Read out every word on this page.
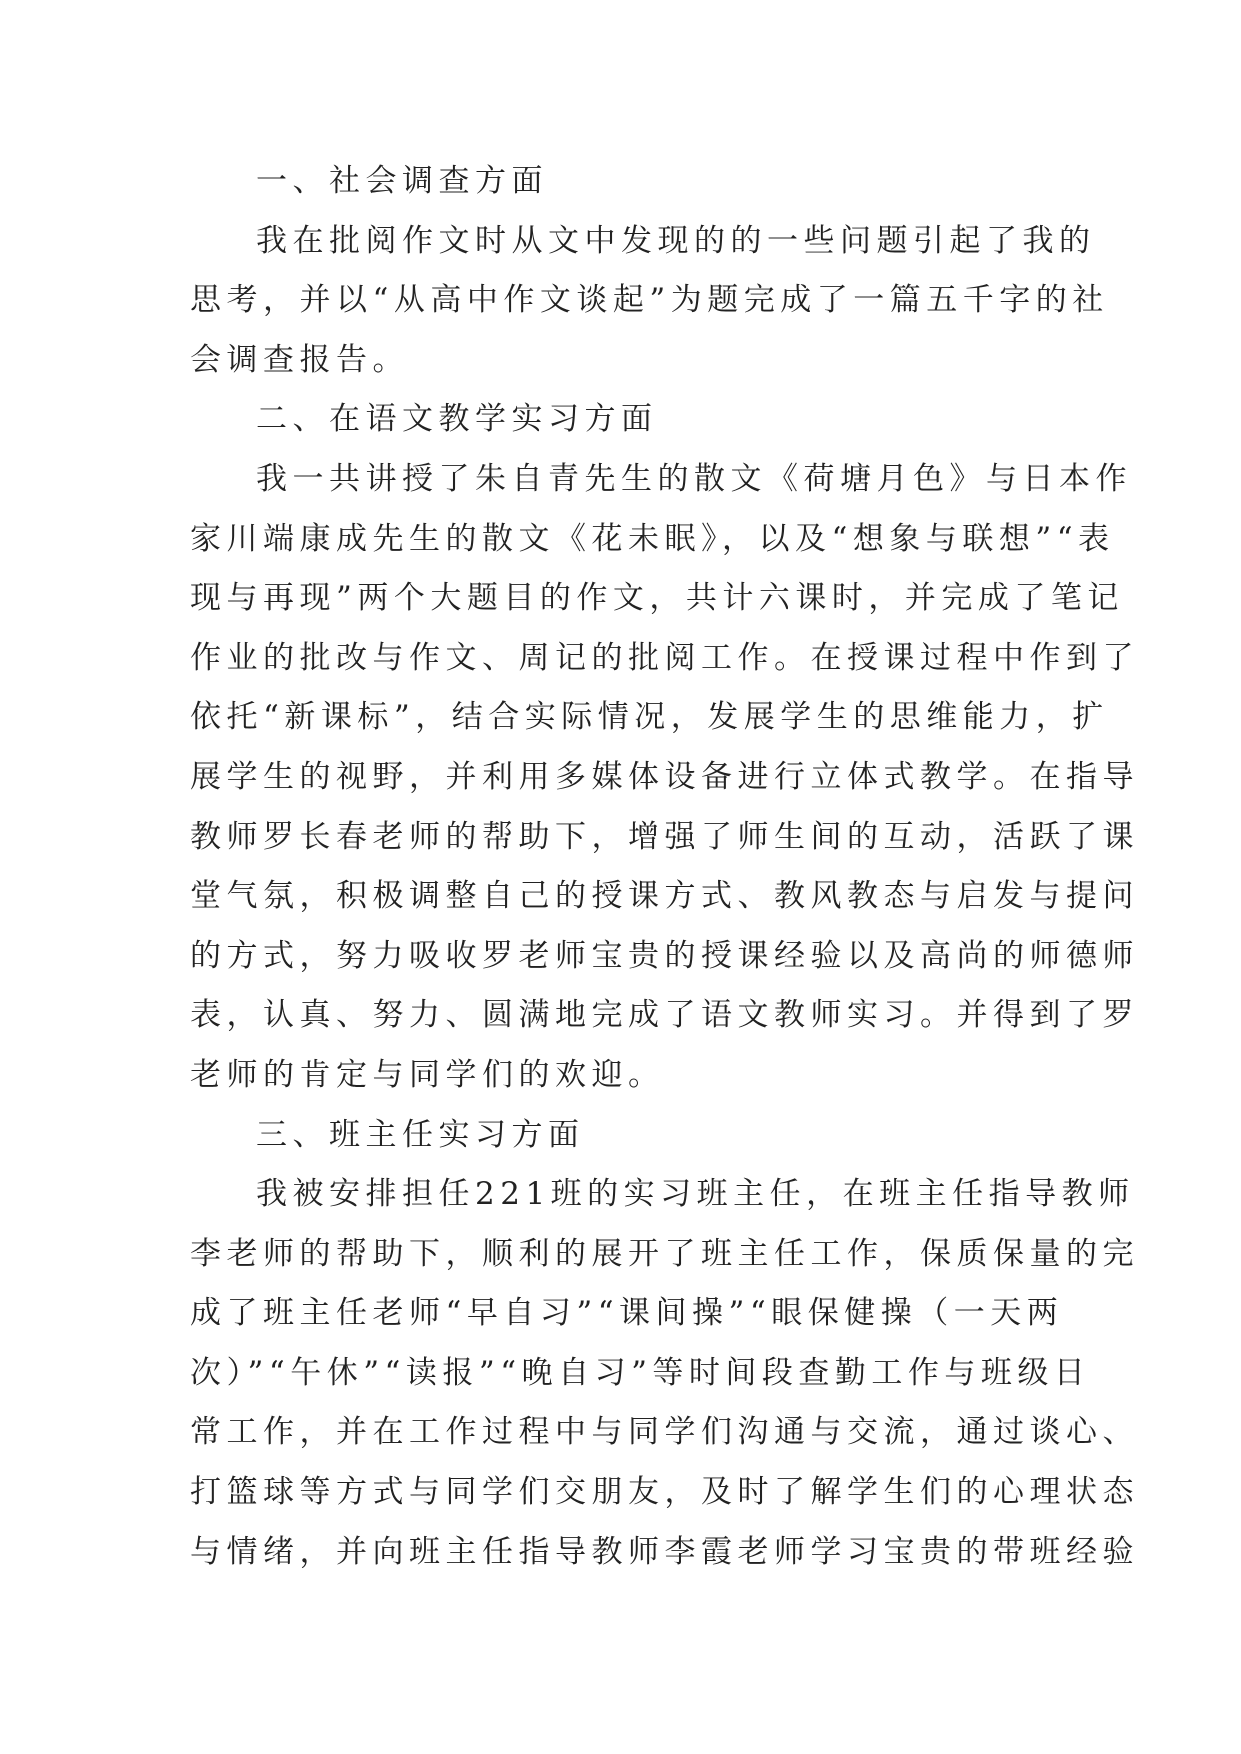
一、社会调查方面
我在批阅作文时从文中发现的的一些问题引起了我的
思考，并以“从高中作文谈起”为题完成了一篇五千字的社
会调查报告。
二、在语文教学实习方面
我一共讲授了朱自青先生的散文《荷塘月色》与日本作
家川端康成先生的散文《花未眠》，以及“想象与联想”“表
现与再现”两个大题目的作文，共计六课时，并完成了笔记
作业的批改与作文、周记的批阅工作。在授课过程中作到了
依托“新课标”，结合实际情况，发展学生的思维能力，扩
展学生的视野，并利用多媒体设备进行立体式教学。在指导
教师罗长春老师的帮助下，增强了师生间的互动，活跃了课
堂气氛，积极调整自己的授课方式、教风教态与启发与提问
的方式，努力吸收罗老师宝贵的授课经验以及高尚的师德师
表，认真、努力、圆满地完成了语文教师实习。并得到了罗
老师的肯定与同学们的欢迎。
三、班主任实习方面
我被安排担任221班的实习班主任，在班主任指导教师
李老师的帮助下，顺利的展开了班主任工作，保质保量的完
成了班主任老师“早自习”“课间操”“眼保健操（一天两
次）”“午休”“读报”“晚自习”等时间段查勤工作与班级日
常工作，并在工作过程中与同学们沟通与交流，通过谈心、
打篮球等方式与同学们交朋友，及时了解学生们的心理状态
与情绪，并向班主任指导教师李霞老师学习宝贵的带班经验
